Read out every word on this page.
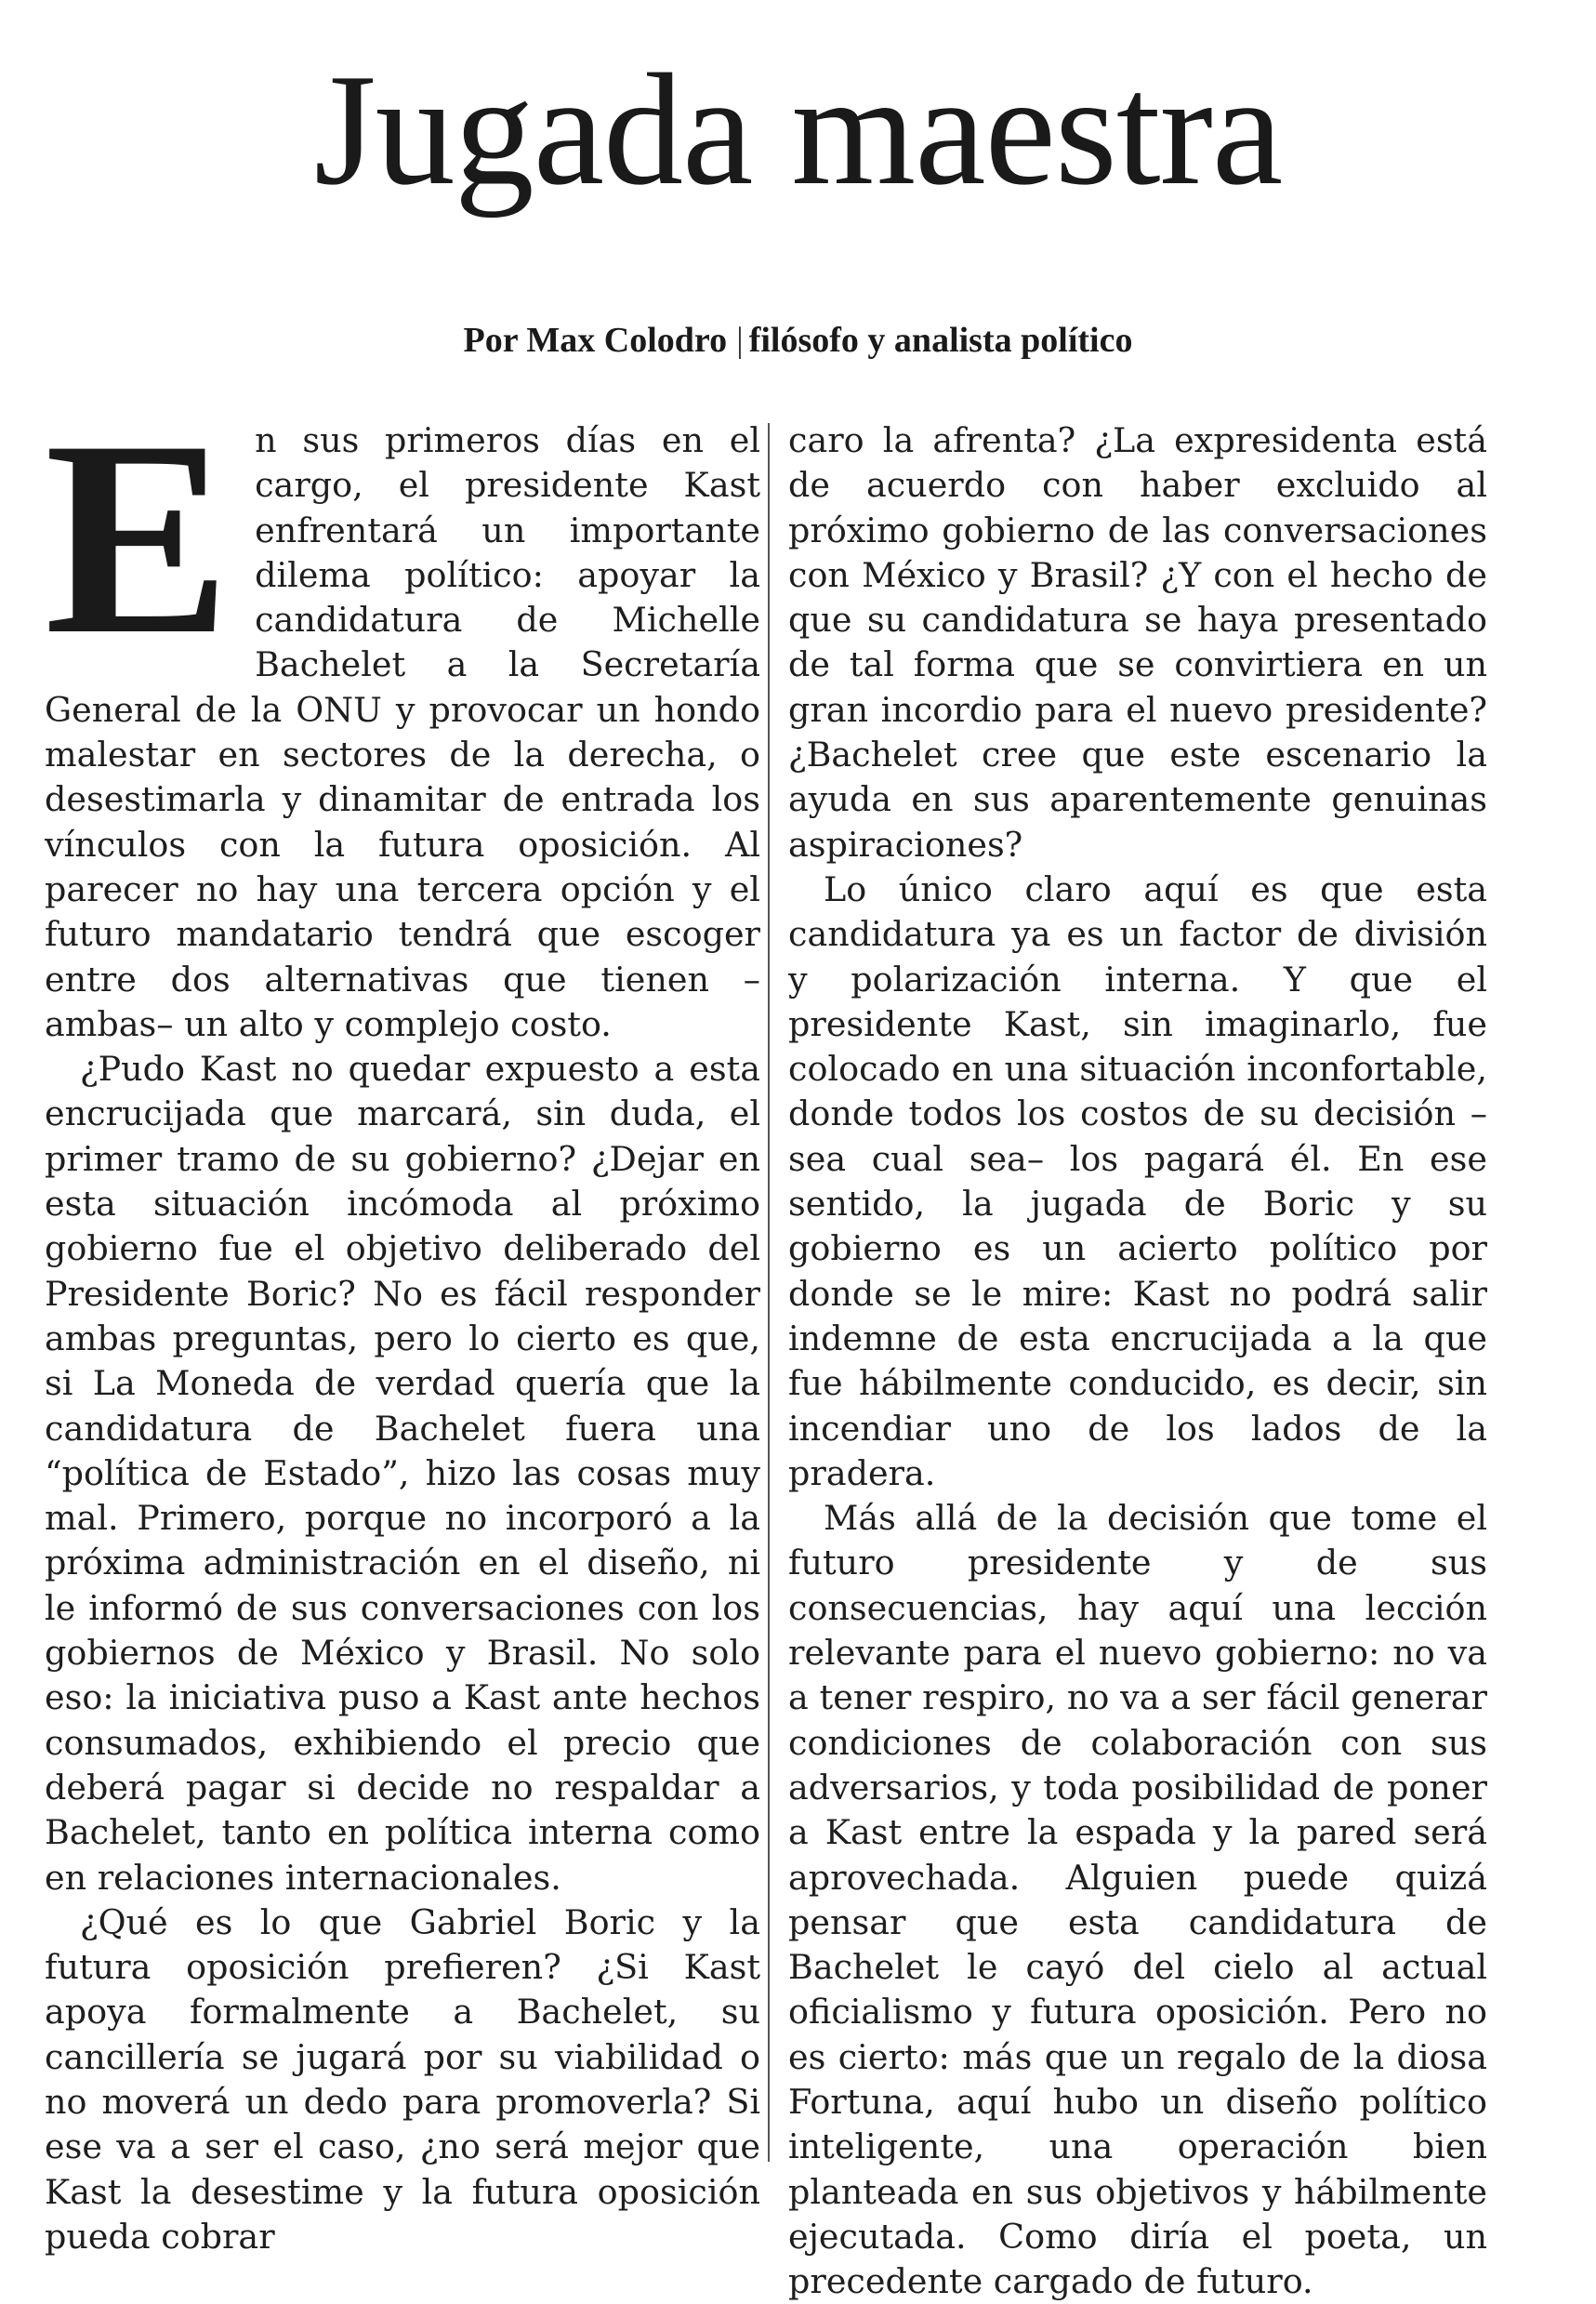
Jugada maestra
Por Max Colodro | filósofo y analista político

En sus primeros días en el cargo, el presidente Kast enfrentará un importante dilema político: apoyar la candidatura de Michelle Bachelet a la Secretaría General de la ONU y provocar un hondo malestar en sectores de la derecha, o desestimarla y dinamitar de entrada los vínculos con la futura oposición. Al parecer no hay una tercera opción y el futuro mandatario tendrá que escoger entre dos alternativas que tienen –ambas– un alto y complejo costo.

¿Pudo Kast no quedar expuesto a esta encrucijada que marcará, sin duda, el primer tramo de su gobierno? ¿Dejar en esta situación incómoda al próximo gobierno fue el objetivo deliberado del Presidente Boric? No es fácil responder ambas preguntas, pero lo cierto es que, si La Moneda de verdad quería que la candidatura de Bachelet fuera una “política de Estado”, hizo las cosas muy mal. Primero, porque no incorporó a la próxima administración en el diseño, ni le informó de sus conversaciones con los gobiernos de México y Brasil. No solo eso: la iniciativa puso a Kast ante hechos consumados, exhibiendo el precio que deberá pagar si decide no respaldar a Bachelet, tanto en política interna como en relaciones internacionales.

¿Qué es lo que Gabriel Boric y la futura oposición prefieren? ¿Si Kast apoya formalmente a Bachelet, su cancillería se jugará por su viabilidad o no moverá un dedo para promoverla? Si ese va a ser el caso, ¿no será mejor que Kast la desestime y la futura oposición pueda cobrar

caro la afrenta? ¿La expresidenta está de acuerdo con haber excluido al próximo gobierno de las conversaciones con México y Brasil? ¿Y con el hecho de que su candidatura se haya presentado de tal forma que se convirtiera en un gran incordio para el nuevo presidente? ¿Bachelet cree que este escenario la ayuda en sus aparentemente genuinas aspiraciones?

Lo único claro aquí es que esta candidatura ya es un factor de división y polarización interna. Y que el presidente Kast, sin imaginarlo, fue colocado en una situación inconfortable, donde todos los costos de su decisión –sea cual sea– los pagará él. En ese sentido, la jugada de Boric y su gobierno es un acierto político por donde se le mire: Kast no podrá salir indemne de esta encrucijada a la que fue hábilmente conducido, es decir, sin incendiar uno de los lados de la pradera.

Más allá de la decisión que tome el futuro presidente y de sus consecuencias, hay aquí una lección relevante para el nuevo gobierno: no va a tener respiro, no va a ser fácil generar condiciones de colaboración con sus adversarios, y toda posibilidad de poner a Kast entre la espada y la pared será aprovechada. Alguien puede quizá pensar que esta candidatura de Bachelet le cayó del cielo al actual oficialismo y futura oposición. Pero no es cierto: más que un regalo de la diosa Fortuna, aquí hubo un diseño político inteligente, una operación bien planteada en sus objetivos y hábilmente ejecutada. Como diría el poeta, un precedente cargado de futuro.
